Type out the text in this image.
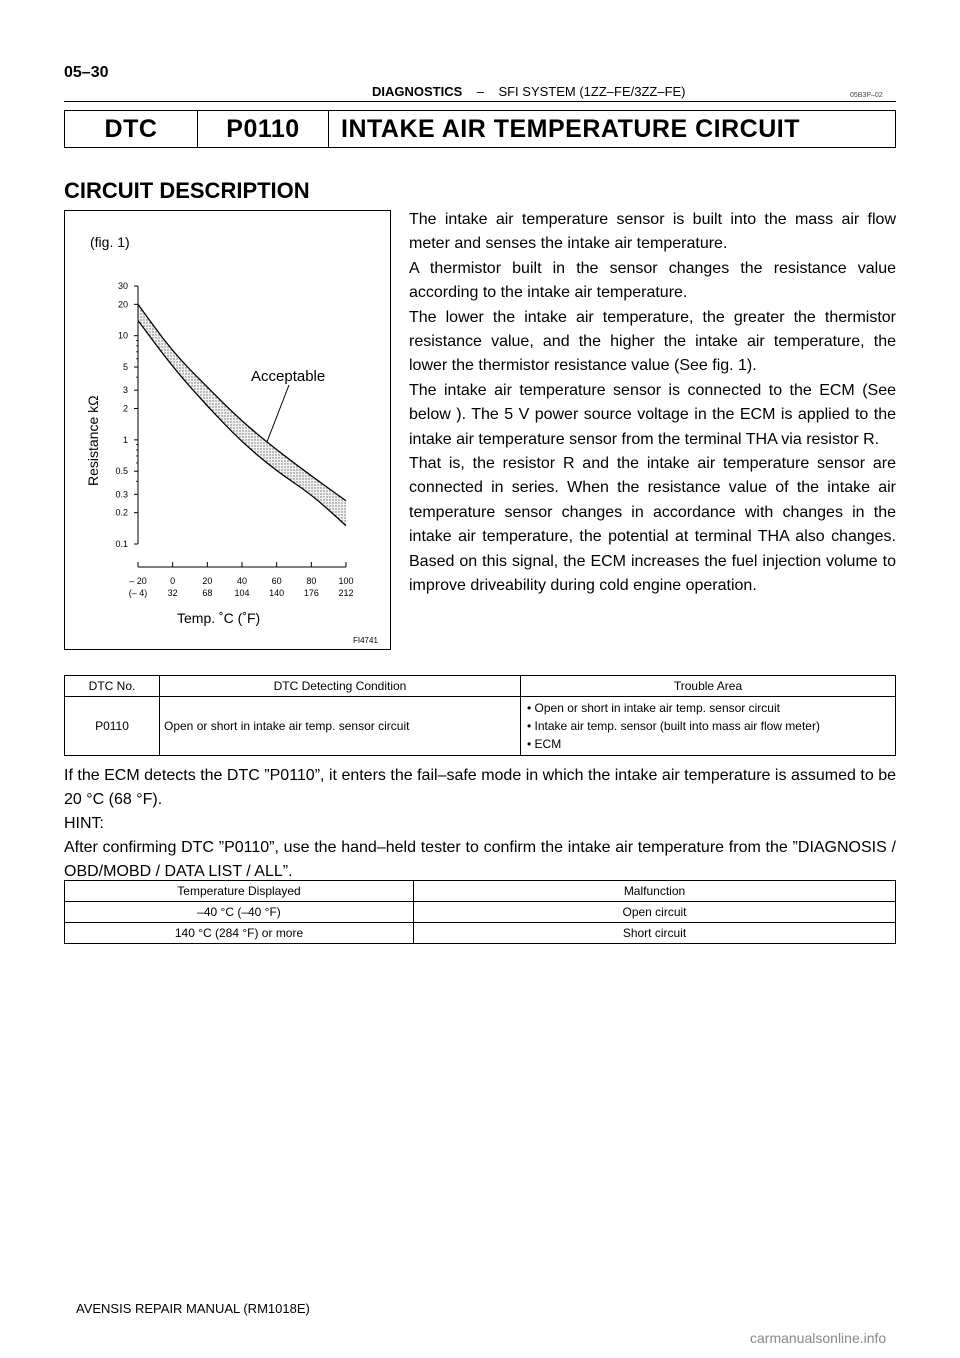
05–30
DIAGNOSTICS – SFI SYSTEM (1ZZ–FE/3ZZ–FE)	05B3P–02
DTC	P0110	INTAKE AIR TEMPERATURE CIRCUIT
CIRCUIT DESCRIPTION
(fig. 1)
FI4741
Acceptable
Resistance kΩ
Temp. ˚C (˚F)
30
20
10
5
3
2
1
0.5
0.3
0.2
0.1
– 20
(– 4)
0
32
20
68
40
104
60
140
80
176
100
212

The intake air temperature sensor is built into the mass air flow meter and senses the intake air temperature.

A thermistor built in the sensor changes the resistance value according to the intake air temperature.

The lower the intake air temperature, the greater the thermistor resistance value, and the higher the intake air temperature, the lower the thermistor resistance value (See fig. 1).

The intake air temperature sensor is connected to the ECM (See below ). The 5 V power source voltage in the ECM is applied to the intake air temperature sensor from the terminal THA via resistor R.

That is, the resistor R and the intake air temperature sensor are connected in series. When the resistance value of the intake air temperature sensor changes in accordance with changes in the intake air temperature, the potential at terminal THA also changes. Based on this signal, the ECM increases the fuel injection volume to improve driveability during cold engine operation.

DTC No.	DTC Detecting Condition	Trouble Area
P0110	Open or short in intake air temp. sensor circuit	• Open or short in intake air temp. sensor circuit
• Intake air temp. sensor (built into mass air flow meter)
• ECM

If the ECM detects the DTC ”P0110”, it enters the fail–safe mode in which the intake air temperature is assumed to be 20 °C (68 °F).

HINT:

After confirming DTC ”P0110”, use the hand–held tester to confirm the intake air temperature from the ”DIAGNOSIS / OBD/MOBD / DATA LIST / ALL”.

Temperature Displayed	Malfunction
–40 °C (–40 °F)	Open circuit
140 °C (284 °F) or more	Short circuit
AVENSIS REPAIR MANUAL (RM1018E)
carmanualsonline.info
